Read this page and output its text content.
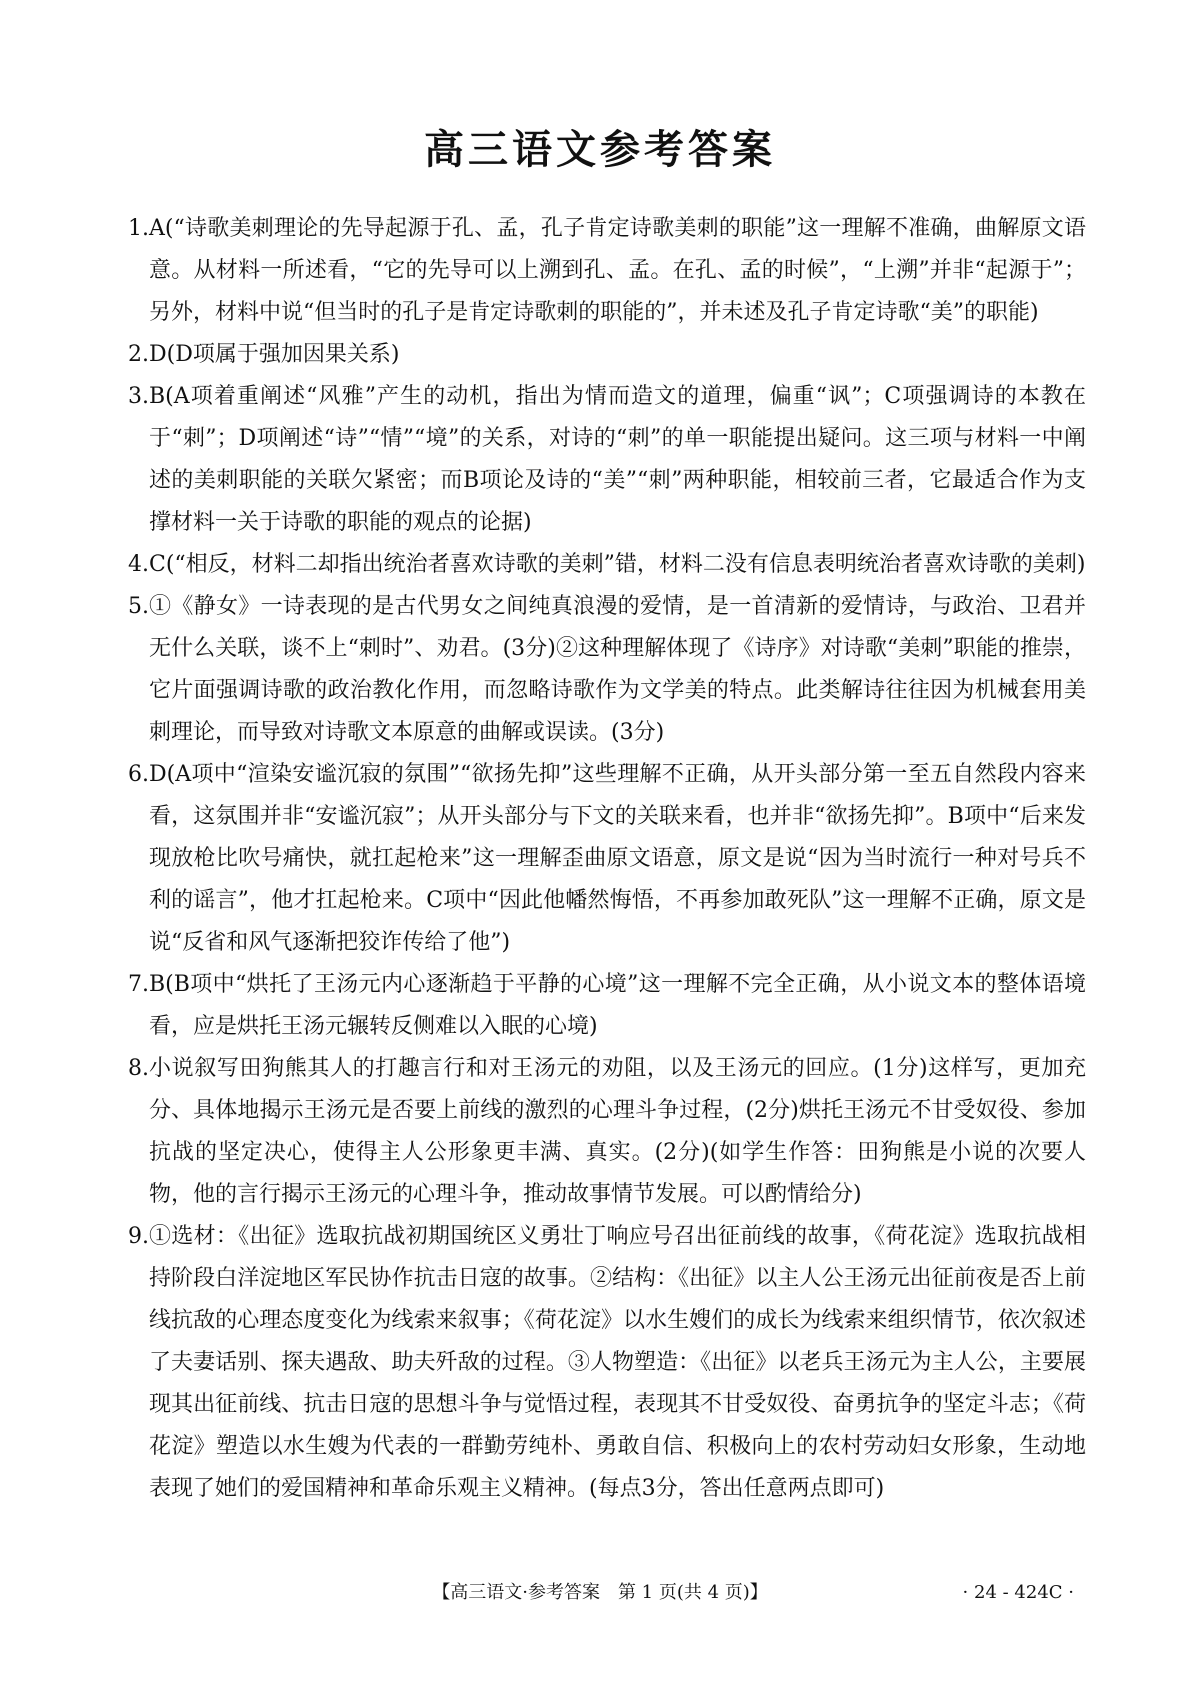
高三语文参考答案
1. A(“诗歌美刺理论的先导起源于孔、孟，孔子肯定诗歌美刺的职能”这一理解不准确，曲解原文语意。从材料一所述看，“它的先导可以上溯到孔、孟。在孔、孟的时候”，“上溯”并非“起源于”；另外，材料中说“但当时的孔子是肯定诗歌刺的职能的”，并未述及孔子肯定诗歌“美”的职能)
2. D(D项属于强加因果关系)
3. B(A项着重阐述“风雅”产生的动机，指出为情而造文的道理，偏重“讽”；C项强调诗的本教在于“刺”；D项阐述“诗”“情”“境”的关系，对诗的“刺”的单一职能提出疑问。这三项与材料一中阐述的美刺职能的关联欠紧密；而B项论及诗的“美”“刺”两种职能，相较前三者，它最适合作为支撑材料一关于诗歌的职能的观点的论据)
4. C(“相反，材料二却指出统治者喜欢诗歌的美刺”错，材料二没有信息表明统治者喜欢诗歌的美刺)
5. ①《静女》一诗表现的是古代男女之间纯真浪漫的爱情，是一首清新的爱情诗，与政治、卫君并无什么关联，谈不上“刺时”、劝君。(3分)②这种理解体现了《诗序》对诗歌“美刺”职能的推崇，它片面强调诗歌的政治教化作用，而忽略诗歌作为文学美的特点。此类解诗往往因为机械套用美刺理论，而导致对诗歌文本原意的曲解或误读。(3分)
6. D(A项中“渲染安谧沉寂的氛围”“欲扬先抑”这些理解不正确，从开头部分第一至五自然段内容来看，这氛围并非“安谧沉寂”；从开头部分与下文的关联来看，也并非“欲扬先抑”。B项中“后来发现放枪比吹号痛快，就扛起枪来”这一理解歪曲原文语意，原文是说“因为当时流行一种对号兵不利的谣言”，他才扛起枪来。C项中“因此他幡然悔悟，不再参加敢死队”这一理解不正确，原文是说“反省和风气逐渐把狡诈传给了他”)
7. B(B项中“烘托了王汤元内心逐渐趋于平静的心境”这一理解不完全正确，从小说文本的整体语境看，应是烘托王汤元辗转反侧难以入眠的心境)
8. 小说叙写田狗熊其人的打趣言行和对王汤元的劝阻，以及王汤元的回应。(1分)这样写，更加充分、具体地揭示王汤元是否要上前线的激烈的心理斗争过程，(2分)烘托王汤元不甘受奴役、参加抗战的坚定决心，使得主人公形象更丰满、真实。(2分)(如学生作答：田狗熊是小说的次要人物，他的言行揭示王汤元的心理斗争，推动故事情节发展。可以酌情给分)
9. ①选材：《出征》选取抗战初期国统区义勇壮丁响应号召出征前线的故事，《荷花淀》选取抗战相持阶段白洋淀地区军民协作抗击日寇的故事。②结构：《出征》以主人公王汤元出征前夜是否上前线抗敌的心理态度变化为线索来叙事；《荷花淀》以水生嫂们的成长为线索来组织情节，依次叙述了夫妻话别、探夫遇敌、助夫歼敌的过程。③人物塑造：《出征》以老兵王汤元为主人公，主要展现其出征前线、抗击日寇的思想斗争与觉悟过程，表现其不甘受奴役、奋勇抗争的坚定斗志；《荷花淀》塑造以水生嫂为代表的一群勤劳纯朴、勇敢自信、积极向上的农村劳动妇女形象，生动地表现了她们的爱国精神和革命乐观主义精神。(每点3分，答出任意两点即可)
【高三语文·参考答案　第 1 页(共 4 页)】	· 24 - 424C ·
